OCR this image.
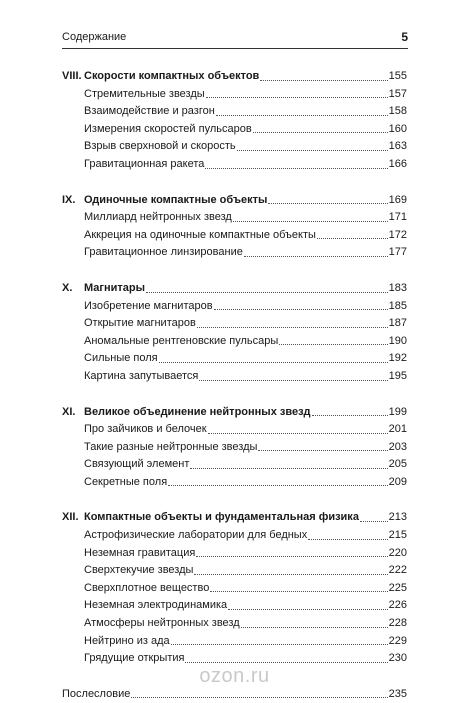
Содержание	5
VIII. Скорости компактных объектов	155
Стремительные звезды	157
Взаимодействие и разгон	158
Измерения скоростей пульсаров	160
Взрыв сверхновой и скорость	163
Гравитационная ракета	166
IX. Одиночные компактные объекты	169
Миллиард нейтронных звезд	171
Аккреция на одиночные компактные объекты	172
Гравитационное линзирование	177
X.	Магнитары	183
Изобретение магнитаров	185
Открытие магнитаров	187
Аномальные рентгеновские пульсары	190
Сильные поля	192
Картина запутывается	195
XI. Великое объединение нейтронных звезд	199
Про зайчиков и белочек	201
Такие разные нейтронные звезды	203
Связующий элемент	205
Секретные поля	209
XII. Компактные объекты и фундаментальная физика	213
Астрофизические лаборатории для бедных	215
Неземная гравитация	220
Сверхтекучие звезды	222
Сверхплотное вещество	225
Неземная электродинамика	226
Атмосферы нейтронных звезд	228
Нейтрино из ада	229
Грядущие открытия	230
Послесловие	235
ozon.ru
